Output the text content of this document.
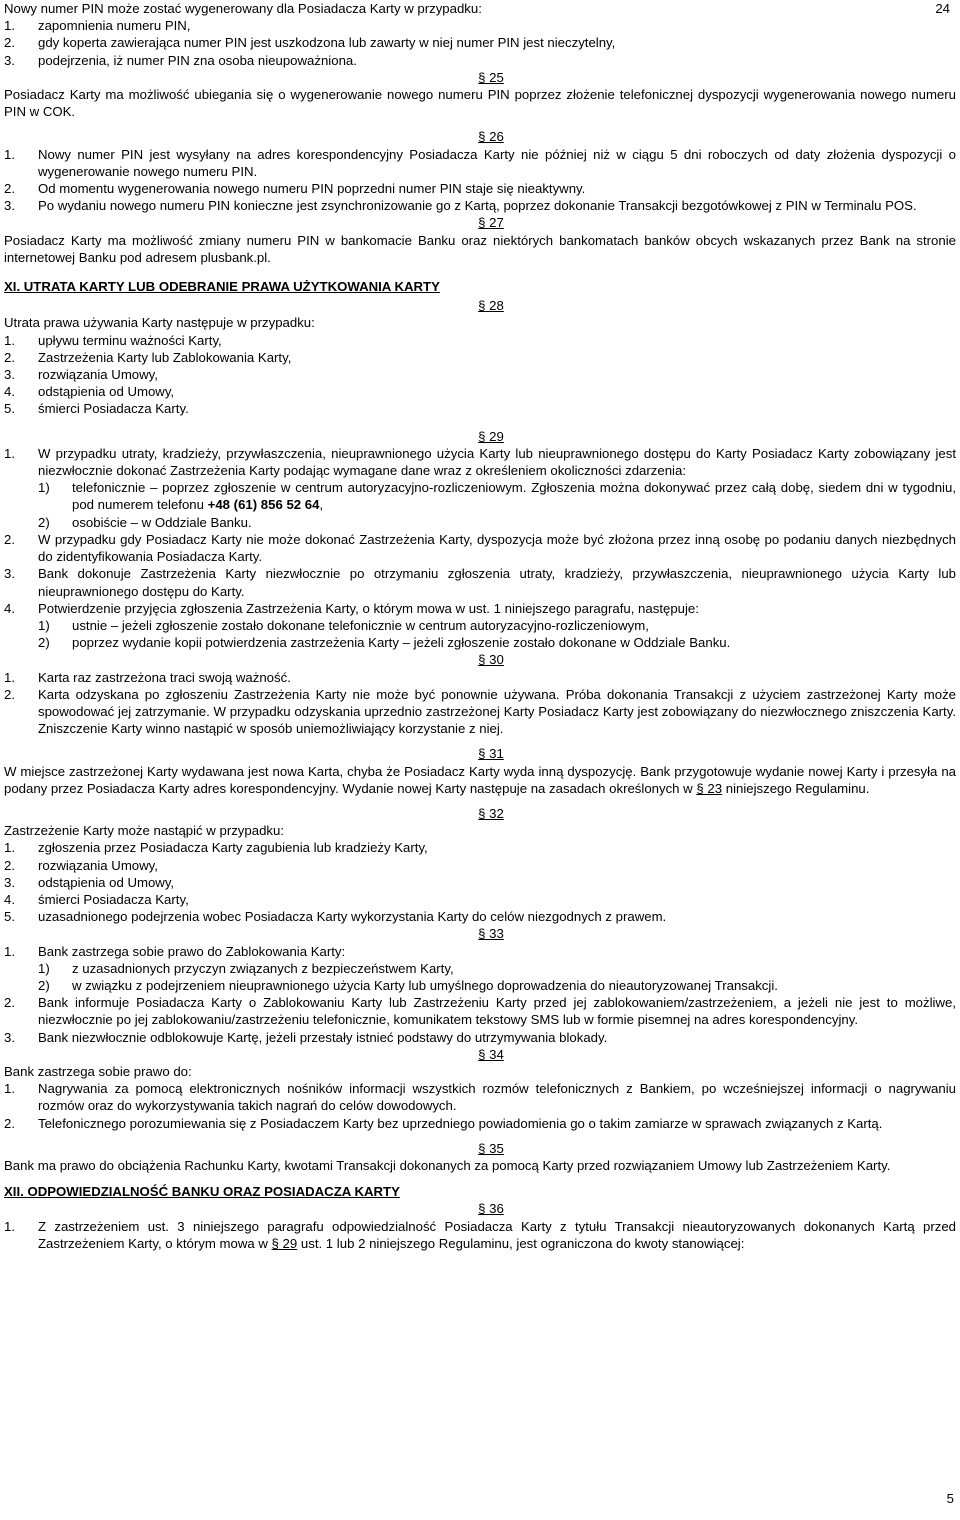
24

Nowy numer PIN może zostać wygenerowany dla Posiadacza Karty w przypadku:

1. zapomnienia numeru PIN,
2. gdy koperta zawierająca numer PIN jest uszkodzona lub zawarty w niej numer PIN jest nieczytelny,
3. podejrzenia, iż numer PIN zna osoba nieupoważniona.

§ 25

Posiadacz Karty ma możliwość ubiegania się o wygenerowanie nowego numeru PIN poprzez złożenie telefonicznej dyspozycji wygenerowania nowego numeru PIN w COK.

§ 26

1. Nowy numer PIN jest wysyłany na adres korespondencyjny Posiadacza Karty nie później niż w ciągu 5 dni roboczych od daty złożenia dyspozycji o wygenerowanie nowego numeru PIN.
2. Od momentu wygenerowania nowego numeru PIN poprzedni numer PIN staje się nieaktywny.
3. Po wydaniu nowego numeru PIN konieczne jest zsynchronizowanie go z Kartą, poprzez dokonanie Transakcji bezgotówkowej z PIN w Terminalu POS.

§ 27

Posiadacz Karty ma możliwość zmiany numeru PIN w bankomacie Banku oraz niektórych bankomatach banków obcych wskazanych przez Bank na stronie internetowej Banku pod adresem plusbank.pl.

XI. UTRATA KARTY LUB ODEBRANIE PRAWA UŻYTKOWANIA KARTY

§ 28

Utrata prawa używania Karty następuje w przypadku:

1. upływu terminu ważności Karty,
2. Zastrzeżenia Karty lub Zablokowania Karty,
3. rozwiązania Umowy,
4. odstąpienia od Umowy,
5. śmierci Posiadacza Karty.

§ 29

1. W przypadku utraty, kradzieży, przywłaszczenia, nieuprawnionego użycia Karty lub nieuprawnionego dostępu do Karty Posiadacz Karty zobowiązany jest niezwłocznie dokonać Zastrzeżenia Karty podając wymagane dane wraz z określeniem okoliczności zdarzenia:
1) telefonicznie – poprzez zgłoszenie w centrum autoryzacyjno-rozliczeniowym. Zgłoszenia można dokonywać przez całą dobę, siedem dni w tygodniu, pod numerem telefonu +48 (61) 856 52 64,
2) osobiście – w Oddziale Banku.
2. W przypadku gdy Posiadacz Karty nie może dokonać Zastrzeżenia Karty, dyspozycja może być złożona przez inną osobę po podaniu danych niezbędnych do zidentyfikowania Posiadacza Karty.
3. Bank dokonuje Zastrzeżenia Karty niezwłocznie po otrzymaniu zgłoszenia utraty, kradzieży, przywłaszczenia, nieuprawnionego użycia Karty lub nieuprawnionego dostępu do Karty.
4. Potwierdzenie przyjęcia zgłoszenia Zastrzeżenia Karty, o którym mowa w ust. 1 niniejszego paragrafu, następuje:
1) ustnie – jeżeli zgłoszenie zostało dokonane telefonicznie w centrum autoryzacyjno-rozliczeniowym,
2) poprzez wydanie kopii potwierdzenia zastrzeżenia Karty – jeżeli zgłoszenie zostało dokonane w Oddziale Banku.

§ 30

1. Karta raz zastrzeżona traci swoją ważność.
2. Karta odzyskana po zgłoszeniu Zastrzeżenia Karty nie może być ponownie używana. Próba dokonania Transakcji z użyciem zastrzeżonej Karty może spowodować jej zatrzymanie. W przypadku odzyskania uprzednio zastrzeżonej Karty Posiadacz Karty jest zobowiązany do niezwłocznego zniszczenia Karty. Zniszczenie Karty winno nastąpić w sposób uniemożliwiający korzystanie z niej.

§ 31

W miejsce zastrzeżonej Karty wydawana jest nowa Karta, chyba że Posiadacz Karty wyda inną dyspozycję. Bank przygotowuje wydanie nowej Karty i przesyła na podany przez Posiadacza Karty adres korespondencyjny. Wydanie nowej Karty następuje na zasadach określonych w § 23 niniejszego Regulaminu.

§ 32

Zastrzeżenie Karty może nastąpić w przypadku:

1. zgłoszenia przez Posiadacza Karty zagubienia lub kradzieży Karty,
2. rozwiązania Umowy,
3. odstąpienia od Umowy,
4. śmierci Posiadacza Karty,
5. uzasadnionego podejrzenia wobec Posiadacza Karty wykorzystania Karty do celów niezgodnych z prawem.

§ 33

1. Bank zastrzega sobie prawo do Zablokowania Karty:
1) z uzasadnionych przyczyn związanych z bezpieczeństwem Karty,
2) w związku z podejrzeniem nieuprawnionego użycia Karty lub umyślnego doprowadzenia do nieautoryzowanej Transakcji.
2. Bank informuje Posiadacza Karty o Zablokowaniu Karty lub Zastrzeżeniu Karty przed jej zablokowaniem/zastrzeżeniem, a jeżeli nie jest to możliwe, niezwłocznie po jej zablokowaniu/zastrzeżeniu telefonicznie, komunikatem tekstowy SMS lub w formie pisemnej na adres korespondencyjny.
3. Bank niezwłocznie odblokowuje Kartę, jeżeli przestały istnieć podstawy do utrzymywania blokady.

§ 34

Bank zastrzega sobie prawo do:

1. Nagrywania za pomocą elektronicznych nośników informacji wszystkich rozmów telefonicznych z Bankiem, po wcześniejszej informacji o nagrywaniu rozmów oraz do wykorzystywania takich nagrań do celów dowodowych.
2. Telefonicznego porozumiewania się z Posiadaczem Karty bez uprzedniego powiadomienia go o takim zamiarze w sprawach związanych z Kartą.

§ 35

Bank ma prawo do obciążenia Rachunku Karty, kwotami Transakcji dokonanych za pomocą Karty przed rozwiązaniem Umowy lub Zastrzeżeniem Karty.

XII. ODPOWIEDZIALNOŚĆ BANKU ORAZ POSIADACZA KARTY

§ 36

1. Z zastrzeżeniem ust. 3 niniejszego paragrafu odpowiedzialność Posiadacza Karty z tytułu Transakcji nieautoryzowanych dokonanych Kartą przed Zastrzeżeniem Karty, o którym mowa w § 29 ust. 1 lub 2 niniejszego Regulaminu, jest ograniczona do kwoty stanowiącej:
5
